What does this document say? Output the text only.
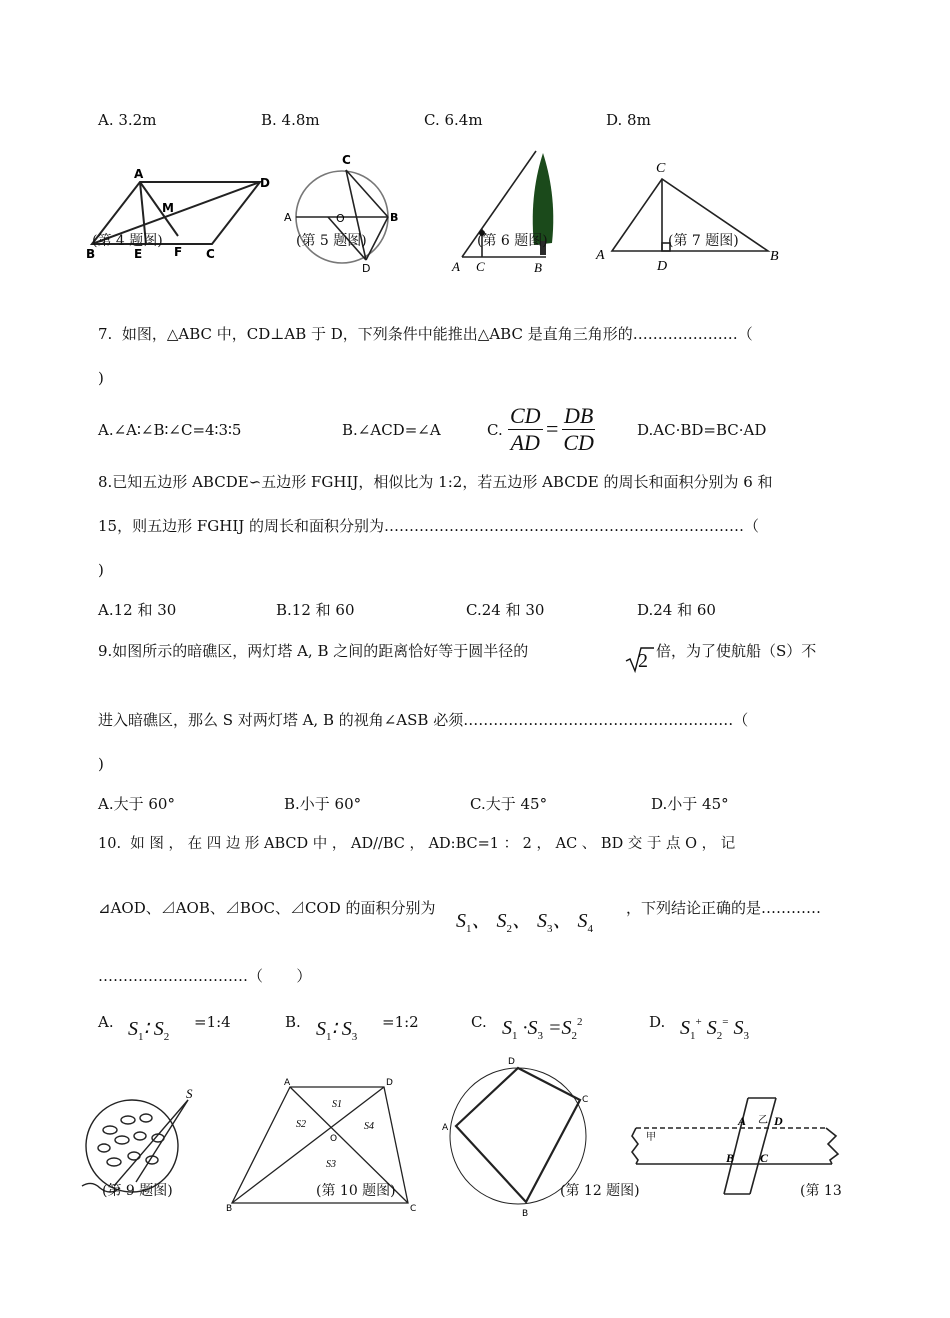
A. 3.2m	B. 4.8m	C. 6.4m	D. 8m
A
D
M
B	E	F C
(第 4 题图)
C
A	O	B
D
(第 5 题图)
A C	B
(第 6 题图)
C
A
D
B
(第 7 题图)
7.  如图，△ABC 中，CD⊥AB 于 D，下列条件中能推出△ABC 是直角三角形的…………………（
)
A.∠A∶∠B∶∠C=4∶3∶5	B.∠ACD=∠A	C. $\frac{CD}{AD} = \frac{DB}{CD}$	D.AC·BD=BC·AD
8.已知五边形 ABCDE∽五边形 FGHIJ，相似比为 1:2，若五边形 ABCDE 的周长和面积分别为 6 和
15，则五边形 FGHIJ 的周长和面积分别为………………………………………………………………（
)
A.12 和 30	B.12 和 60	C.24 和 30	D.24 和 60
9.如图所示的暗礁区，两灯塔 A, B 之间的距离恰好等于圆半径的	2 倍，为了使航船（S）不
进入暗礁区，那么 S 对两灯塔 A, B 的视角∠ASB 必须………………………………………………（
)
A.大于 60°	B.小于 60°	C.大于 45°	D.小于 45°
10.  如 图 ， 在 四 边 形 ABCD 中 ， AD//BC ， AD:BC=1 ： 2 ， AC 、 BD 交 于 点 O ， 记
⊿AOD、⊿AOB、⊿BOC、⊿COD 的面积分别为
$S_1$、 $S_2$、 $S_3$、 $S_4$
，下列结论正确的是…………
…………………………（       ）
A. $S_1∶$ $S_2$
=1:4	B. $S_1∶$ $S_3$
=1:2	C. $S_1 \cdot S_3 =S_2^2$	D. $S_1^+$ $S_2^=$ $S_3$
S
(第 9 题图)
A	D
O
B	C
S1
S2
S3
S4
(第 10 题图)
D
C
A
B
(第 12 题图)
甲
乙
A D
B C
(第 13
